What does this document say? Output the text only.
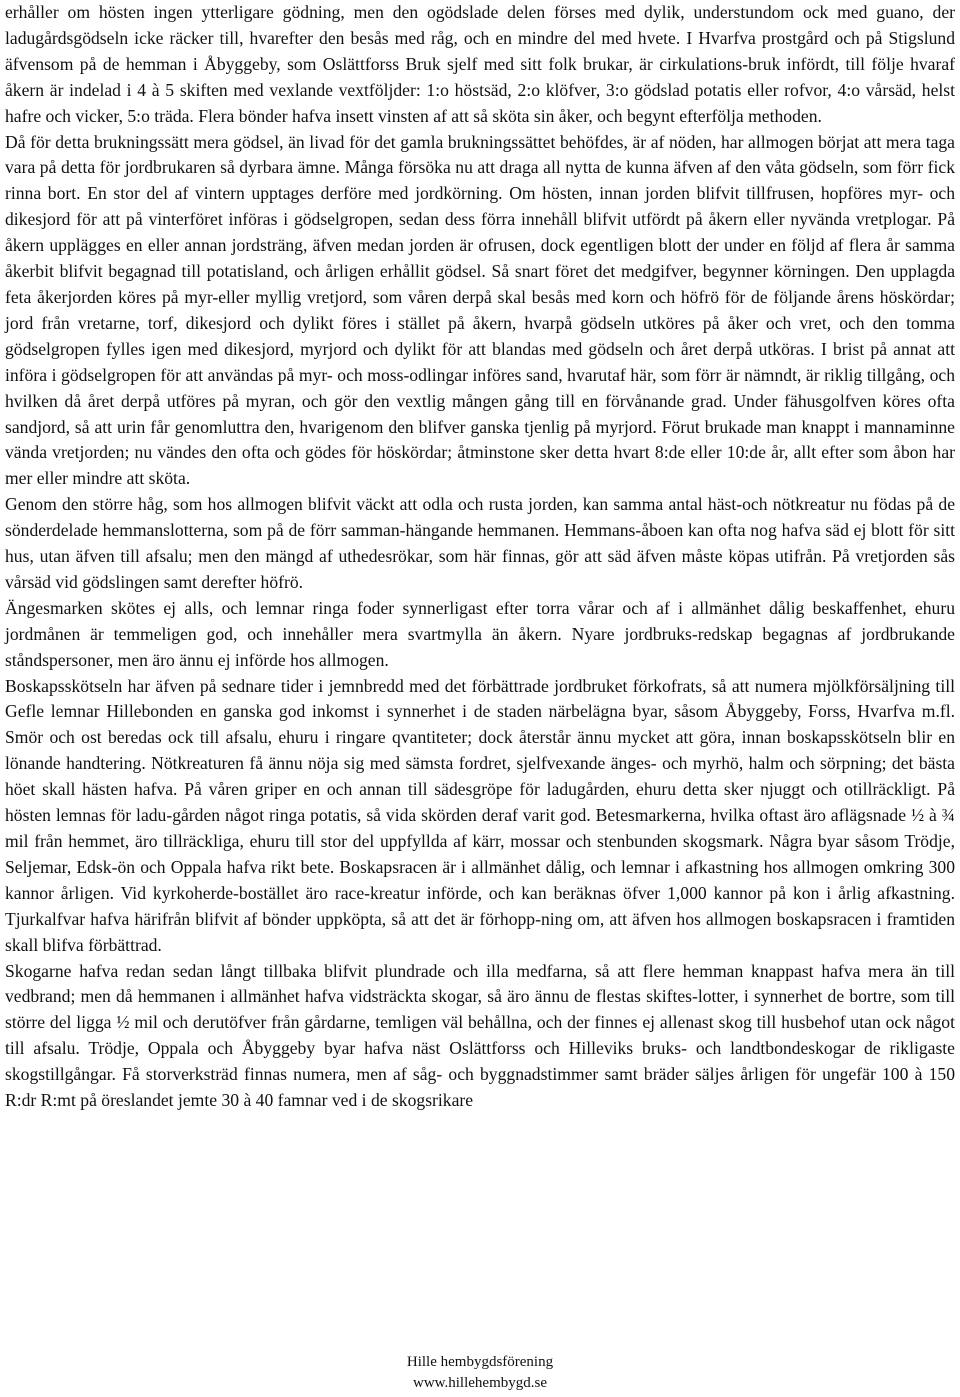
erhåller om hösten ingen ytterligare gödning, men den ogödslade delen förses med dylik, understundom ock med guano, der ladugårdsgödseln icke räcker till, hvarefter den besås med råg, och en mindre del med hvete. I Hvarfva prostgård och på Stigslund äfvensom på de hemman i Åbyggeby, som Oslättforss Bruk sjelf med sitt folk brukar, är cirkulations-bruk infördt, till följe hvaraf åkern är indelad i 4 à 5 skiften med vexlande vextföljder: 1:o höstsäd, 2:o klöfver, 3:o gödslad potatis eller rofvor, 4:o vårsäd, helst hafre och vicker, 5:o träda. Flera bönder hafva insett vinsten af att så sköta sin åker, och begynt efterfölja methoden.

Då för detta brukningssätt mera gödsel, än livad för det gamla brukningssättet behöfdes, är af nöden, har allmogen börjat att mera taga vara på detta för jordbrukaren så dyrbara ämne. Många försöka nu att draga all nytta de kunna äfven af den våta gödseln, som förr fick rinna bort. En stor del af vintern upptages derföre med jordkörning. Om hösten, innan jorden blifvit tillfrusen, hopföres myr- och dikesjord för att på vinterföret införas i gödselgropen, sedan dess förra innehåll blifvit utfördt på åkern eller nyvända vretplogar. På åkern upplägges en eller annan jordsträng, äfven medan jorden är ofrusen, dock egentligen blott der under en följd af flera år samma åkerbit blifvit begagnad till potatisland, och årligen erhållit gödsel. Så snart föret det medgifver, begynner körningen. Den upplagda feta åkerjorden köres på myr-eller myllig vretjord, som våren derpå skal besås med korn och höfrö för de följande årens höskördar; jord från vretarne, torf, dikesjord och dylikt föres i stället på åkern, hvarpå gödseln utköres på åker och vret, och den tomma gödselgropen fylles igen med dikesjord, myrjord och dylikt för att blandas med gödseln och året derpå utköras. I brist på annat att införa i gödselgropen för att användas på myr- och moss-odlingar införes sand, hvarutaf här, som förr är nämndt, är riklig tillgång, och hvilken då året derpå utföres på myran, och gör den vextlig mången gång till en förvånande grad. Under fähusgolfven köres ofta sandjord, så att urin får genomluttra den, hvarigenom den blifver ganska tjenlig på myrjord. Förut brukade man knappt i mannaminne vända vretjorden; nu vändes den ofta och gödes för höskördar; åtminstone sker detta hvart 8:de eller 10:de år, allt efter som åbon har mer eller mindre att sköta.

Genom den större håg, som hos allmogen blifvit väckt att odla och rusta jorden, kan samma antal häst-och nötkreatur nu födas på de sönderdelade hemmanslotterna, som på de förr samman-hängande hemmanen. Hemmans-åboen kan ofta nog hafva säd ej blott för sitt hus, utan äfven till afsalu; men den mängd af uthedesrökar, som här finnas, gör att säd äfven måste köpas utifrån. På vretjorden sås vårsäd vid gödslingen samt derefter höfrö.

Ängesmarken skötes ej alls, och lemnar ringa foder synnerligast efter torra vårar och af i allmänhet dålig beskaffenhet, ehuru jordmånen är temmeligen god, och innehåller mera svartmylla än åkern. Nyare jordbruks-redskap begagnas af jordbrukande ståndspersoner, men äro ännu ej införde hos allmogen.

Boskapsskötseln har äfven på sednare tider i jemnbredd med det förbättrade jordbruket förkofrats, så att numera mjölkförsäljning till Gefle lemnar Hillebonden en ganska god inkomst i synnerhet i de staden närbelägna byar, såsom Åbyggeby, Forss, Hvarfva m.fl. Smör och ost beredas ock till afsalu, ehuru i ringare qvantiteter; dock återstår ännu mycket att göra, innan boskapsskötseln blir en lönande handtering. Nötkreaturen få ännu nöja sig med sämsta fordret, sjelfvexande änges- och myrhö, halm och sörpning; det bästa höet skall hästen hafva. På våren griper en och annan till sädesgröpe för ladugården, ehuru detta sker njuggt och otillräckligt. På hösten lemnas för ladu-gården något ringa potatis, så vida skörden deraf varit god. Betesmarkerna, hvilka oftast äro aflägsnade ½ à ¾ mil från hemmet, äro tillräckliga, ehuru till stor del uppfyllda af kärr, mossar och stenbunden skogsmark. Några byar såsom Trödje, Seljemar, Edsk-ön och Oppala hafva rikt bete. Boskapsracen är i allmänhet dålig, och lemnar i afkastning hos allmogen omkring 300 kannor årligen. Vid kyrkoherde-bostället äro race-kreatur införde, och kan beräknas öfver 1,000 kannor på kon i årlig afkastning. Tjurkalfvar hafva härifrån blifvit af bönder uppköpta, så att det är förhopp-ning om, att äfven hos allmogen boskapsracen i framtiden skall blifva förbättrad.

Skogarne hafva redan sedan långt tillbaka blifvit plundrade och illa medfarna, så att flere hemman knappast hafva mera än till vedbrand; men då hemmanen i allmänhet hafva vidsträckta skogar, så äro ännu de flestas skiftes-lotter, i synnerhet de bortre, som till större del ligga ½ mil och derutöfver från gårdarne, temligen väl behållna, och der finnes ej allenast skog till husbehof utan ock något till afsalu. Trödje, Oppala och Åbyggeby byar hafva näst Oslättforss och Hilleviks bruks- och landtbondeskogar de rikligaste skogstillgångar. Få storverksträd finnas numera, men af såg- och byggnadstimmer samt bräder säljes årligen för ungefär 100 à 150 R:dr R:mt på öreslandet jemte 30 à 40 famnar ved i de skogsrikare

Hille hembygdsförening
www.hillehembygd.se
